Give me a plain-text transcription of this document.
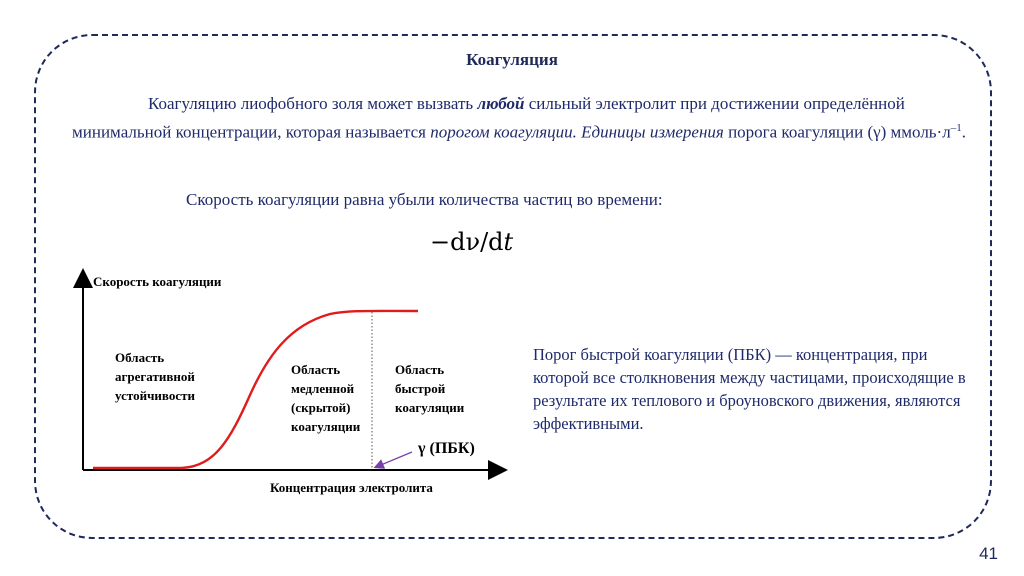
Коагуляция
Коагуляцию лиофобного золя может вызвать любой сильный электролит при достижении определённой минимальной концентрации, которая называется порогом коагуляции. Единицы измерения порога коагуляции (γ) $ммоль\cdot л^{-1}$.
Скорость коагуляции равна убыли количества частиц во времени:
−dν/dt
Скорость коагуляции
Концентрация электролита
Область
агрегативной
устойчивости
Область
медленной
(скрытой)
коагуляции
Область
быстрой
коагуляции
γ (ПБК)
Порог быстрой коагуляции (ПБК) — концентрация, при которой все столкновения между частицами, происходящие в результате их теплового и броуновского движения, являются эффективными.
41
